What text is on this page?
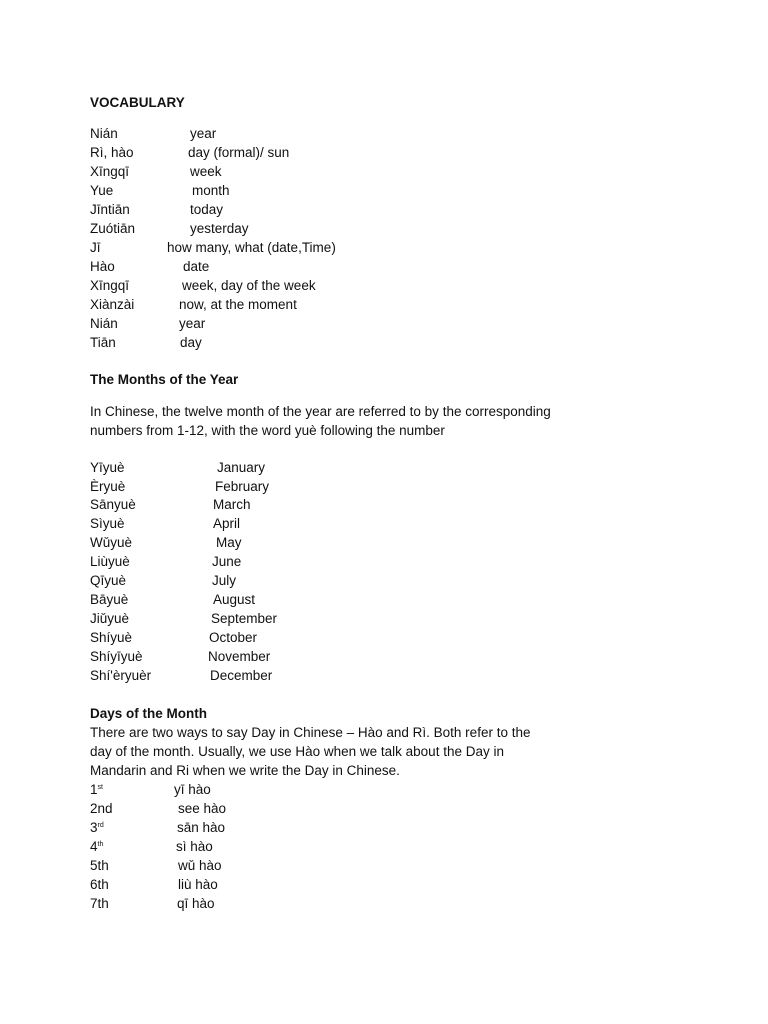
VOCABULARY
Nián	year
Rì, hào	day (formal)/ sun
Xīngqī	week
Yue	month
Jīntiān	today
Zuótiān	yesterday
Jī	how many, what (date,Time)
Hào	date
Xīngqī	week, day of the week
Xiànzài	now, at the moment
Nián	year
Tiān	day
The Months of the Year

In Chinese, the twelve month of the year are referred to by the corresponding
numbers from 1-12, with the word yuè following the number

Yīyuè	January
Èryuè	February
Sānyuè	March
Sìyuè	April
Wǔyuè	May
Liùyuè	June
Qīyuè	July
Bāyuè	August
Jiǔyuè	September
Shíyuè	October
Shíyīyuè	November
Shí'èryuèr	December
Days of the Month

There are two ways to say Day in Chinese – Hào and Rì. Both refer to the
day of the month. Usually, we use Hào when we talk about the Day in
Mandarin and Ri when we write the Day in Chinese.

1st	yī hào
2nd	see hào
3rd	sān hào
4th	sì hào
5th	wǔ hào
6th	liù hào
7th	qī hào
